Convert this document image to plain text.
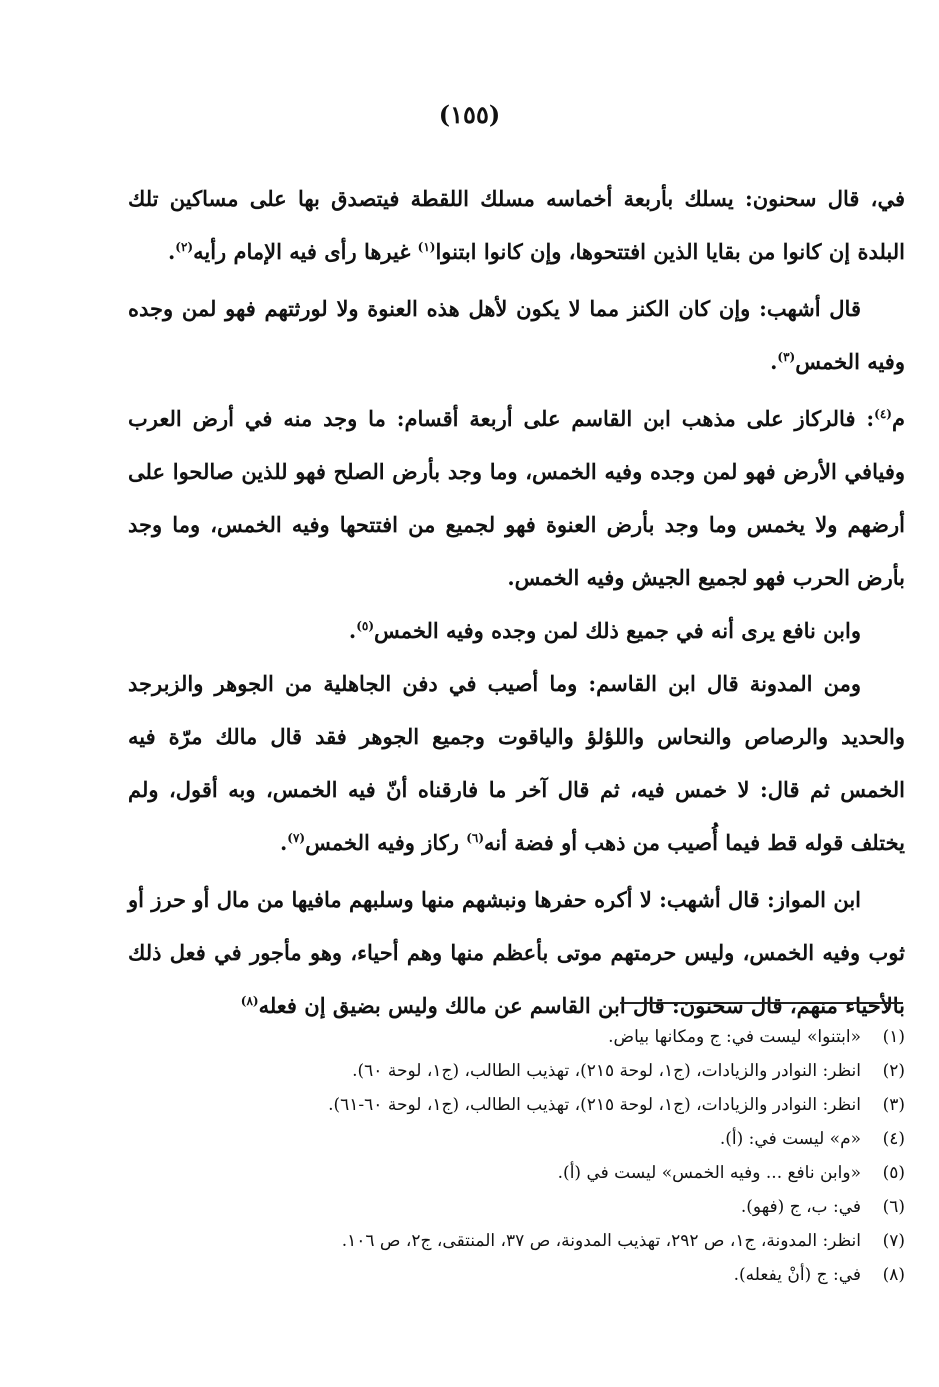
(١٥٥)

في، قال سحنون: يسلك بأربعة أخماسه مسلك اللقطة فيتصدق بها على مساكين تلك البلدة إن كانوا من بقايا الذين افتتحوها، وإن كانوا ابتنوا$^{(١)}$ غيرها رأى فيه الإمام رأيه$^{(٢)}$.

قال أشهب: وإن كان الكنز مما لا يكون لأهل هذه العنوة ولا لورثتهم فهو لمن وجده وفيه الخمس$^{(٣)}$.

م$^{(٤)}$: فالركاز على مذهب ابن القاسم على أربعة أقسام: ما وجد منه في أرض العرب وفيافي الأرض فهو لمن وجده وفيه الخمس، وما وجد بأرض الصلح فهو للذين صالحوا على أرضهم ولا يخمس وما وجد بأرض العنوة فهو لجميع من افتتحها وفيه الخمس، وما وجد بأرض الحرب فهو لجميع الجيش وفيه الخمس.

وابن نافع يرى أنه في جميع ذلك لمن وجده وفيه الخمس$^{(٥)}$.

ومن المدونة قال ابن القاسم: وما أصيب في دفن الجاهلية من الجوهر والزبرجد والحديد والرصاص والنحاس واللؤلؤ والياقوت وجميع الجوهر فقد قال مالك مرّة فيه الخمس ثم قال: لا خمس فيه، ثم قال آخر ما فارقناه أنّ فيه الخمس، وبه أقول، ولم يختلف قوله قط فيما أُصيب من ذهب أو فضة أنه$^{(٦)}$ ركاز وفيه الخمس$^{(٧)}$.

ابن المواز: قال أشهب: لا أكره حفرها ونبشهم منها وسلبهم مافيها من مال أو حرز أو ثوب وفيه الخمس، وليس حرمتهم موتى بأعظم منها وهم أحياء، وهو مأجور في فعل ذلك بالأحياء منهم، قال سحنون: قال ابن القاسم عن مالك وليس بضيق إن فعله$^{(٨)}$

(١)
«ابتنوا» ليست في: ج ومكانها بياض.
(٢)
انظر: النوادر والزيادات، (ج١، لوحة ٢١٥)، تهذيب الطالب، (ج١، لوحة ٦٠).
(٣)
انظر: النوادر والزيادات، (ج١، لوحة ٢١٥)، تهذيب الطالب، (ج١، لوحة ٦٠-٦١).
(٤)
«م» ليست في: (أ).
(٥)
«وابن نافع ... وفيه الخمس» ليست في (أ).
(٦)
في: ب، ج (فهو).
(٧)
انظر: المدونة، ج١، ص ٢٩٢، تهذيب المدونة، ص ٣٧، المنتقى، ج٢، ص ١٠٦.
(٨)
في: ج (أنْ يفعله).
